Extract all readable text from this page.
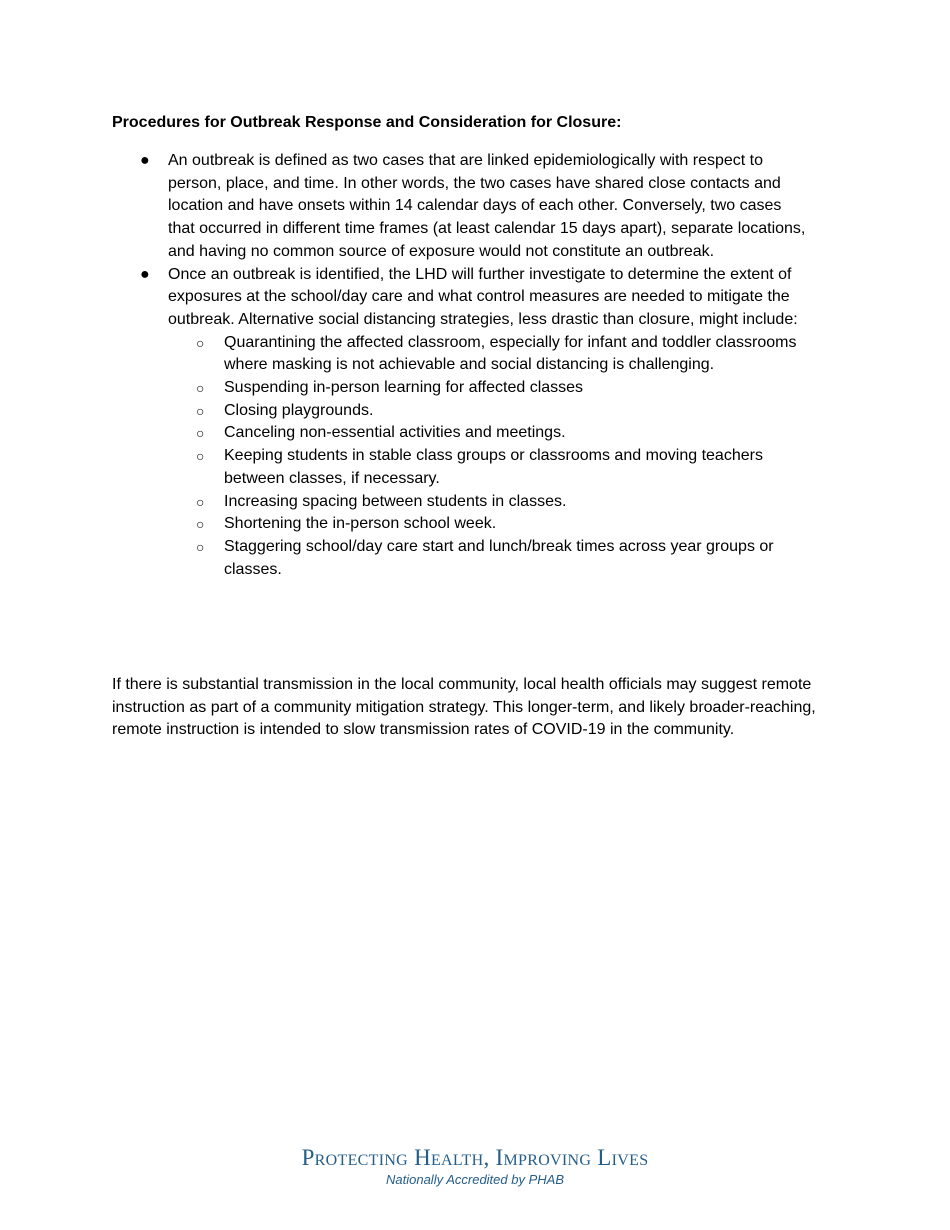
Procedures for Outbreak Response and Consideration for Closure:
● An outbreak is defined as two cases that are linked epidemiologically with respect to person, place, and time. In other words, the two cases have shared close contacts and location and have onsets within 14 calendar days of each other. Conversely, two cases that occurred in different time frames (at least calendar 15 days apart), separate locations, and having no common source of exposure would not constitute an outbreak.
● Once an outbreak is identified, the LHD will further investigate to determine the extent of exposures at the school/day care and what control measures are needed to mitigate the outbreak. Alternative social distancing strategies, less drastic than closure, might include:
○ Quarantining the affected classroom, especially for infant and toddler classrooms where masking is not achievable and social distancing is challenging.
○ Suspending in-person learning for affected classes
○ Closing playgrounds.
○ Canceling non-essential activities and meetings.
○ Keeping students in stable class groups or classrooms and moving teachers between classes, if necessary.
○ Increasing spacing between students in classes.
○ Shortening the in-person school week.
○ Staggering school/day care start and lunch/break times across year groups or classes.

If there is substantial transmission in the local community, local health officials may suggest remote instruction as part of a community mitigation strategy. This longer-term, and likely broader-reaching, remote instruction is intended to slow transmission rates of COVID-19 in the community.

Protecting Health, Improving Lives
Nationally Accredited by PHAB
